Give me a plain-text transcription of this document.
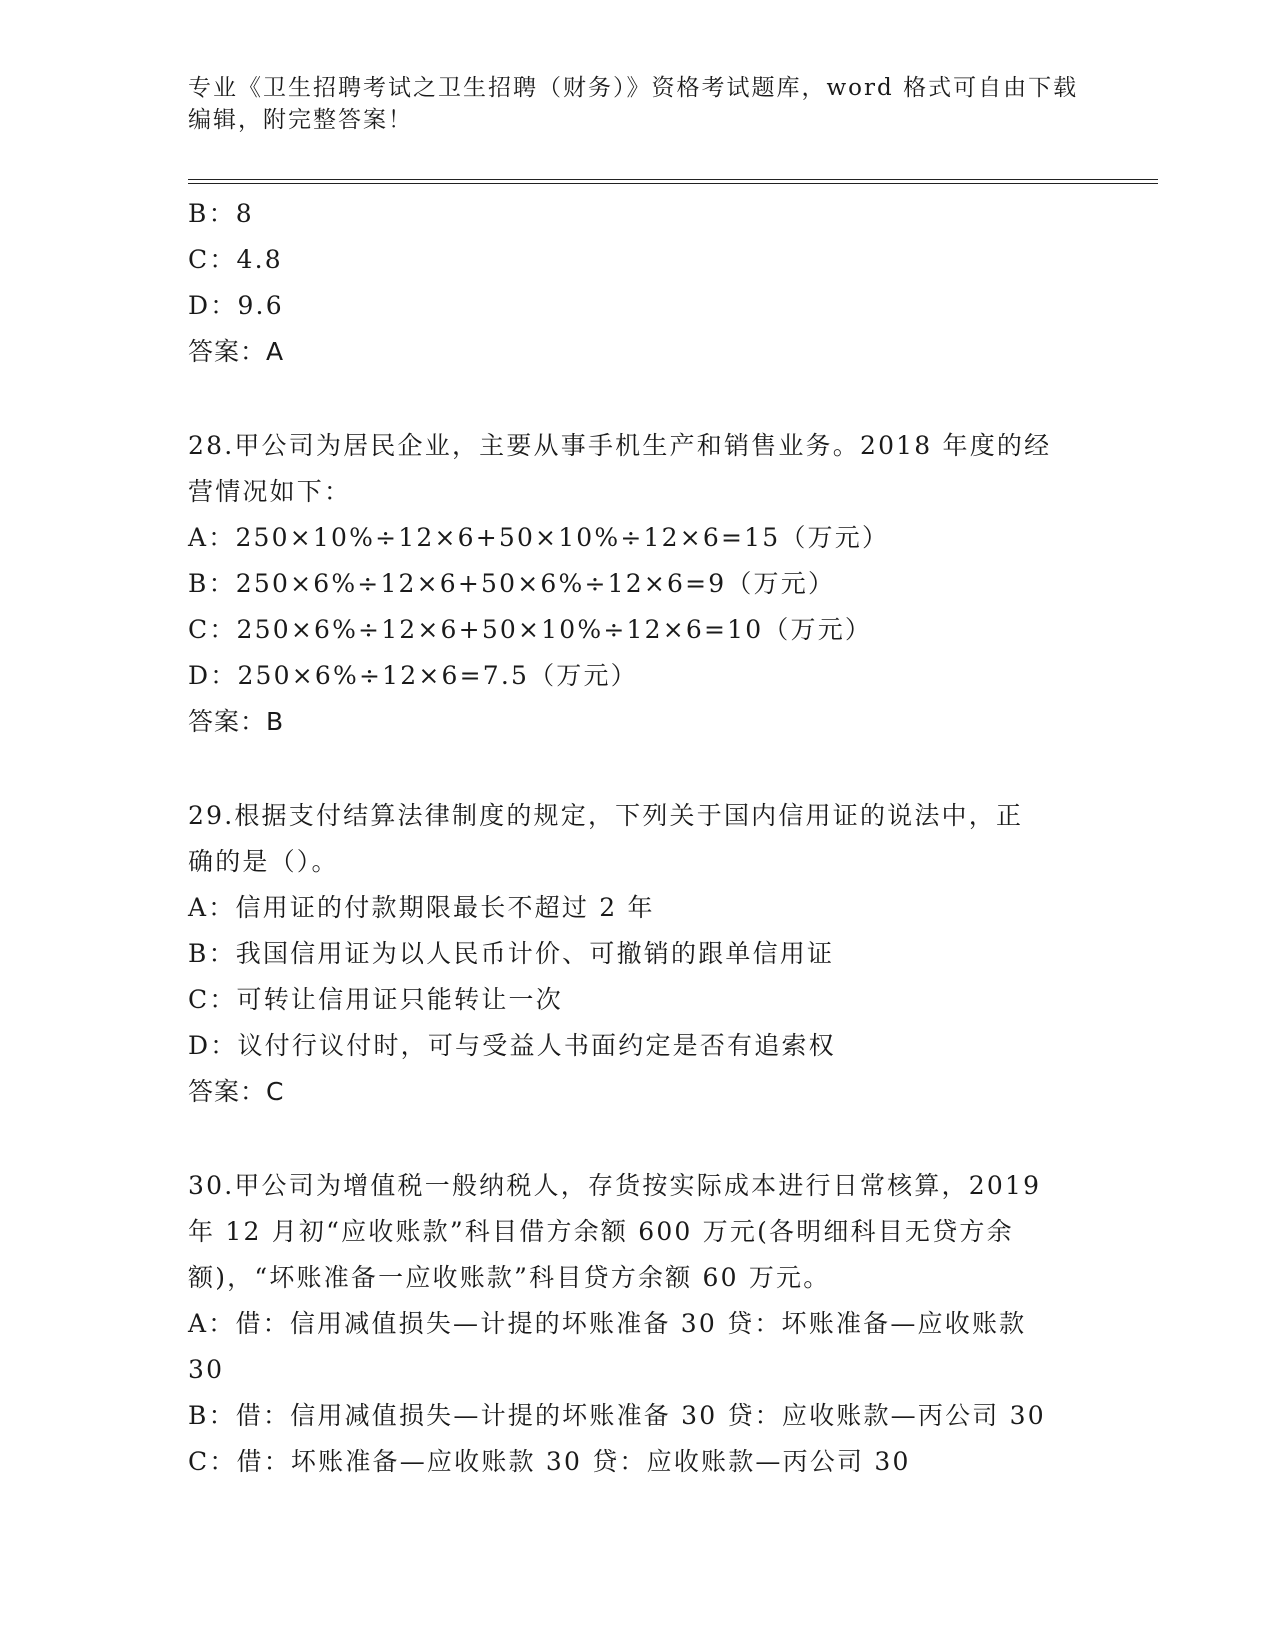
专业《卫生招聘考试之卫生招聘（财务）》资格考试题库，word 格式可自由下载
编辑，附完整答案！
B：8
C：4.8
D：9.6
答案：A
28.甲公司为居民企业，主要从事手机生产和销售业务。2018 年度的经
营情况如下：
A：250×10%÷12×6+50×10%÷12×6=15（万元）
B：250×6%÷12×6+50×6%÷12×6=9（万元）
C：250×6%÷12×6+50×10%÷12×6=10（万元）
D：250×6%÷12×6=7.5（万元）
答案：B
29.根据支付结算法律制度的规定，下列关于国内信用证的说法中，正
确的是（）。
A：信用证的付款期限最长不超过 2 年
B：我国信用证为以人民币计价、可撤销的跟单信用证
C：可转让信用证只能转让一次
D：议付行议付时，可与受益人书面约定是否有追索权
答案：C
30.甲公司为增值税一般纳税人，存货按实际成本进行日常核算，2019
年 12 月初“应收账款”科目借方余额 600 万元(各明细科目无贷方余
额)，“坏账准备一应收账款”科目贷方余额 60 万元。
A：借：信用减值损失—计提的坏账准备 30 贷：坏账准备—应收账款
30
B：借：信用减值损失—计提的坏账准备 30 贷：应收账款—丙公司 30
C：借：坏账准备—应收账款 30 贷：应收账款—丙公司 30
